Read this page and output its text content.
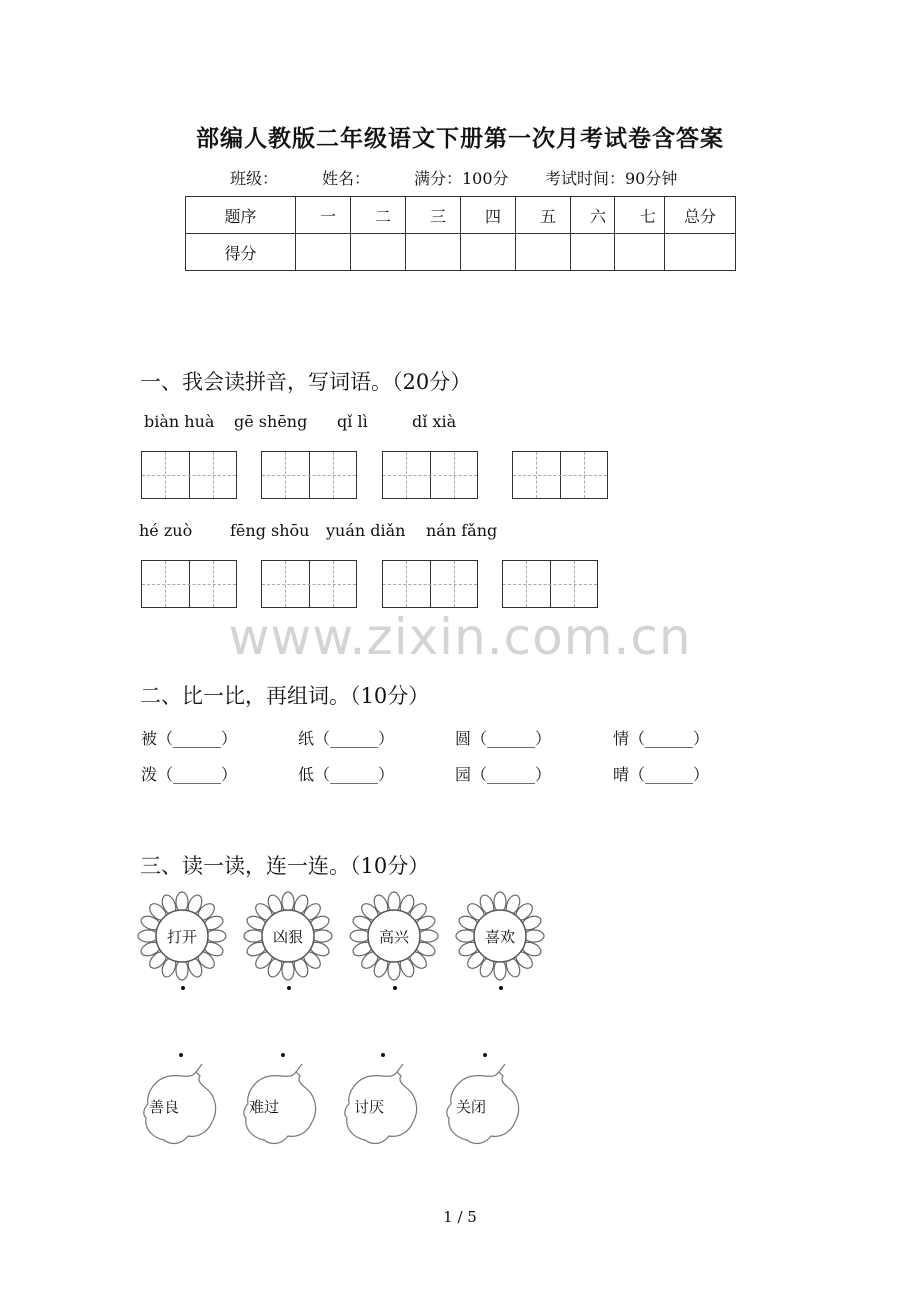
部编人教版二年级语文下册第一次月考试卷含答案
班级：	姓名：	满分：100分 考试时间：90分钟
题序	一	二	三	四	五	六	七	总分
得分								
一、我会读拼音，写词语。（20分）
biàn huà gē shēng qǐ lì	dǐ xià
hé zuò fēng shōu yuán diǎn nán fǎng
www.zixin.com.cn
二、比一比，再组词。（10分）
被（______）	纸（______）	圆（______）	情（______）
泼（______）	低（______）	园（______）	晴（______）
三、读一读，连一连。（10分）
打开	凶狠	高兴	喜欢
善良	难过	讨厌	关闭
1 / 5
